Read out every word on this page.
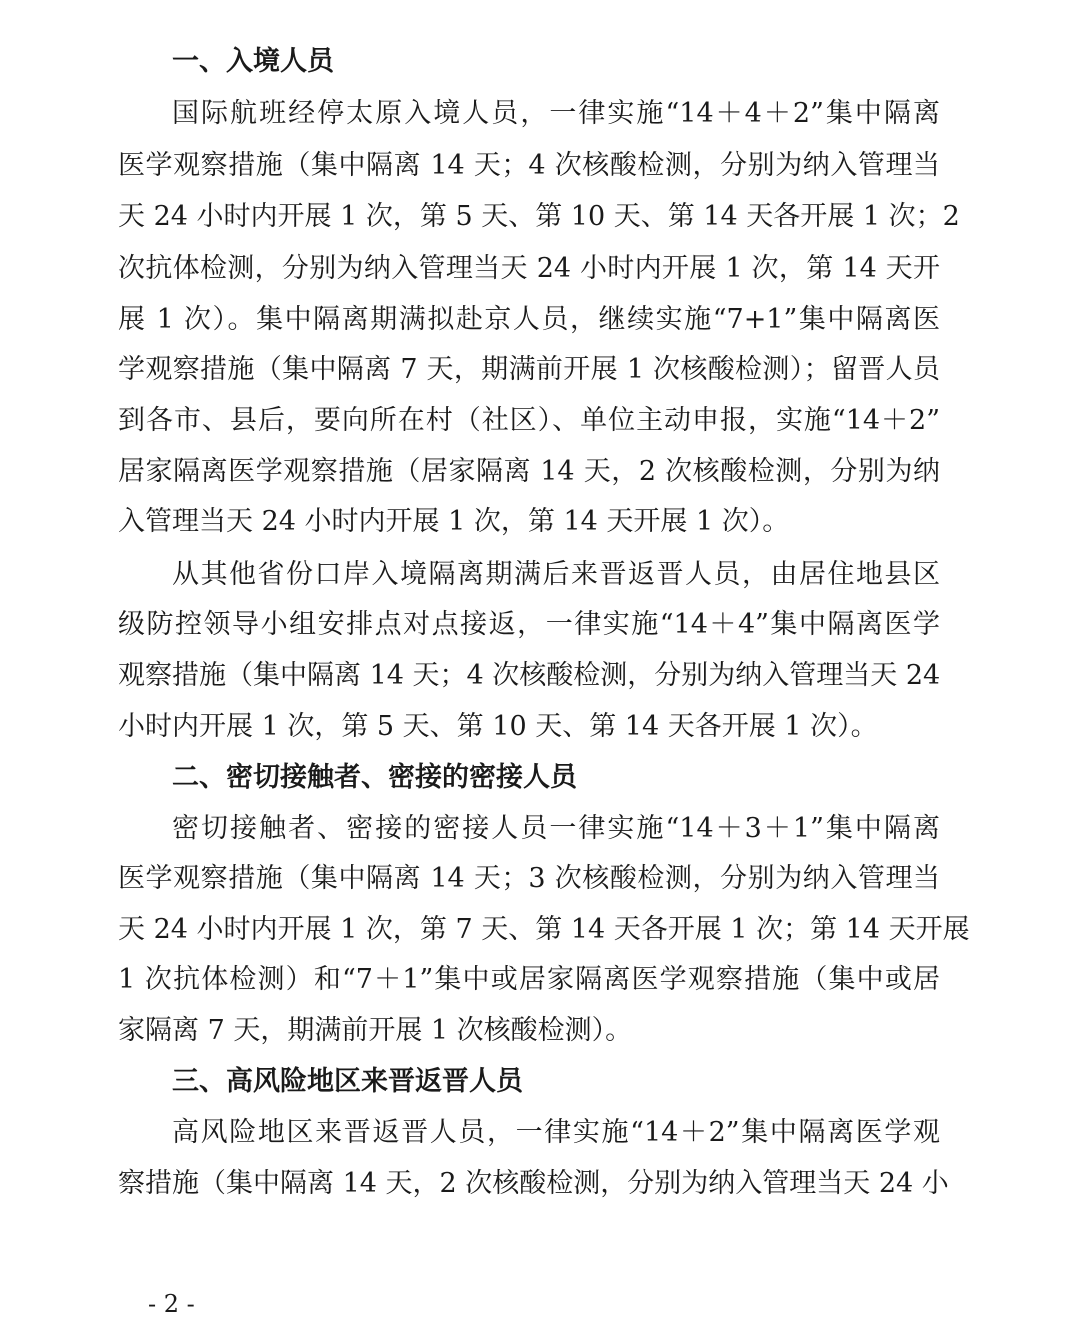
一、入境人员
国际航班经停太原入境人员，一律实施“14＋4＋2”集中隔离
医学观察措施（集中隔离 14 天；4 次核酸检测，分别为纳入管理当
天 24 小时内开展 1 次，第 5 天、第 10 天、第 14 天各开展 1 次；2
次抗体检测，分别为纳入管理当天 24 小时内开展 1 次，第 14 天开
展 1 次）。集中隔离期满拟赴京人员，继续实施“7+1”集中隔离医
学观察措施（集中隔离 7 天，期满前开展 1 次核酸检测）；留晋人员
到各市、县后，要向所在村（社区）、单位主动申报，实施“14＋2”
居家隔离医学观察措施（居家隔离 14 天，2 次核酸检测，分别为纳
入管理当天 24 小时内开展 1 次，第 14 天开展 1 次）。
从其他省份口岸入境隔离期满后来晋返晋人员，由居住地县区
级防控领导小组安排点对点接返，一律实施“14＋4”集中隔离医学
观察措施（集中隔离 14 天；4 次核酸检测，分别为纳入管理当天 24
小时内开展 1 次，第 5 天、第 10 天、第 14 天各开展 1 次）。
二、密切接触者、密接的密接人员
密切接触者、密接的密接人员一律实施“14＋3＋1”集中隔离
医学观察措施（集中隔离 14 天；3 次核酸检测，分别为纳入管理当
天 24 小时内开展 1 次，第 7 天、第 14 天各开展 1 次；第 14 天开展
1 次抗体检测）和“7＋1”集中或居家隔离医学观察措施（集中或居
家隔离 7 天，期满前开展 1 次核酸检测）。
三、高风险地区来晋返晋人员
高风险地区来晋返晋人员，一律实施“14＋2”集中隔离医学观
察措施（集中隔离 14 天，2 次核酸检测，分别为纳入管理当天 24 小
- 2 -
